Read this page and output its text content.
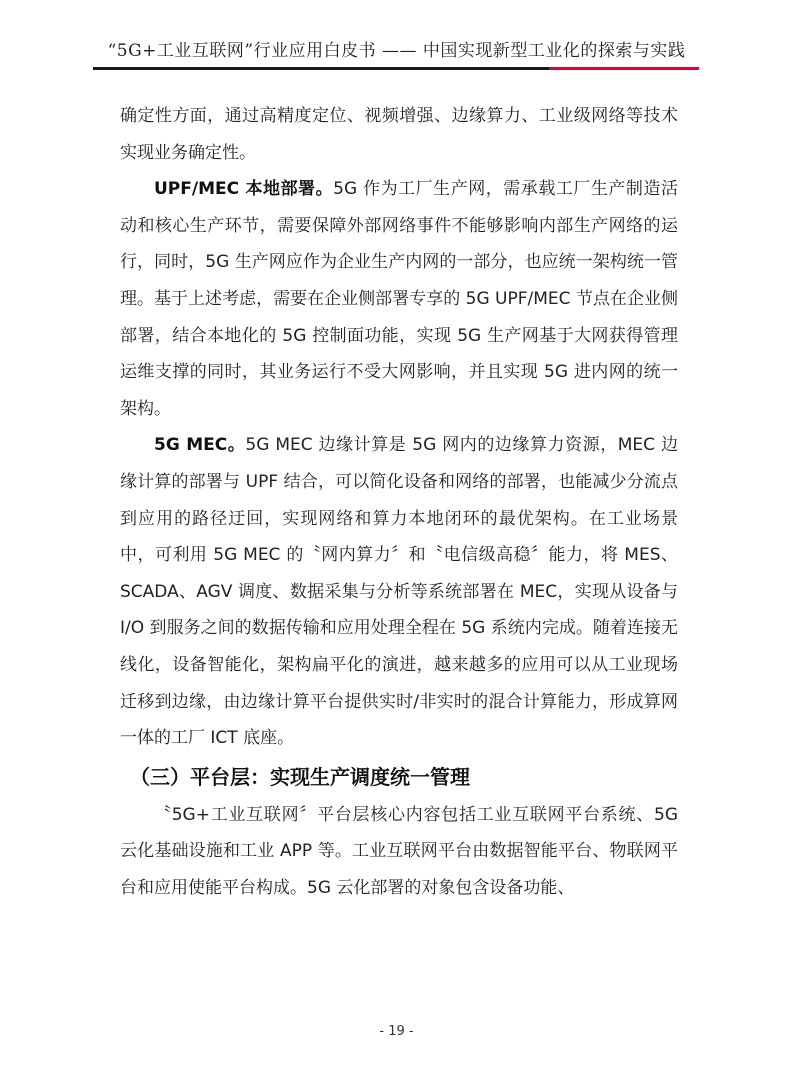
“5G+工业互联网”行业应用白皮书 —— 中国实现新型工业化的探索与实践

确定性方面，通过高精度定位、视频增强、边缘算力、工业级网络等技术实现业务确定性。

UPF/MEC 本地部署。5G 作为工厂生产网，需承载工厂生产制造活动和核心生产环节，需要保障外部网络事件不能够影响内部生产网络的运行，同时，5G 生产网应作为企业生产内网的一部分，也应统一架构统一管理。基于上述考虑，需要在企业侧部署专享的 5G UPF/MEC 节点在企业侧部署，结合本地化的 5G 控制面功能，实现 5G 生产网基于大网获得管理运维支撑的同时，其业务运行不受大网影响，并且实现 5G 进内网的统一架构。

5G MEC。5G MEC 边缘计算是 5G 网内的边缘算力资源，MEC 边缘计算的部署与 UPF 结合，可以简化设备和网络的部署，也能减少分流点到应用的路径迂回，实现网络和算力本地闭环的最优架构。在工业场景中，可利用 5G MEC 的〝网内算力〞和〝电信级高稳〞能力，将 MES、SCADA、AGV 调度、数据采集与分析等系统部署在 MEC，实现从设备与 I/O 到服务之间的数据传输和应用处理全程在 5G 系统内完成。随着连接无线化，设备智能化，架构扁平化的演进，越来越多的应用可以从工业现场迁移到边缘，由边缘计算平台提供实时/非实时的混合计算能力，形成算网一体的工厂 ICT 底座。

（三）平台层：实现生产调度统一管理

〝5G+工业互联网〞平台层核心内容包括工业互联网平台系统、5G 云化基础设施和工业 APP 等。工业互联网平台由数据智能平台、物联网平台和应用使能平台构成。5G 云化部署的对象包含设备功能、

- 19 -
